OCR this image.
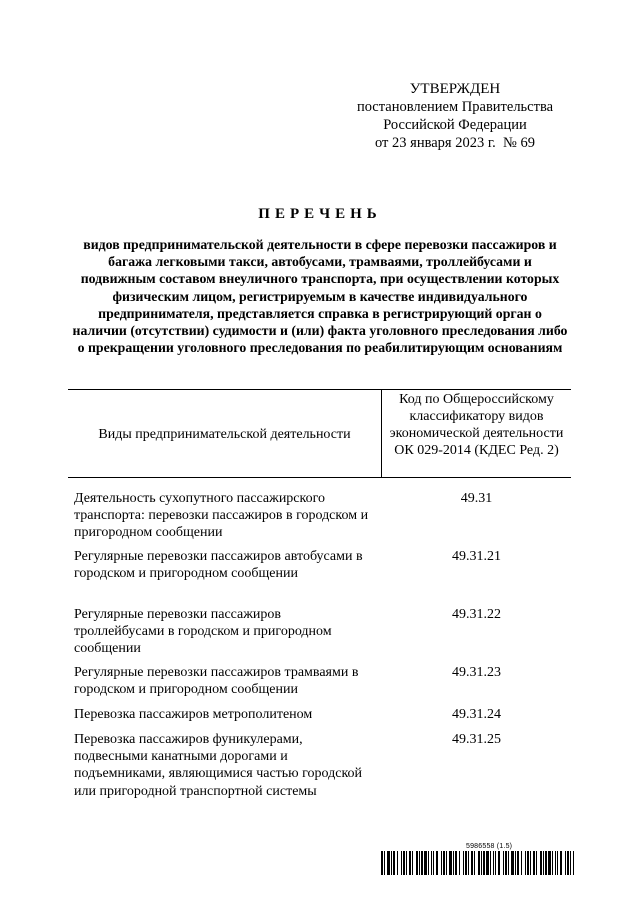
УТВЕРЖДЕН
постановлением Правительства
Российской Федерации
от 23 января 2023 г.  № 69
ПЕРЕЧЕНЬ
видов предпринимательской деятельности в сфере перевозки пассажиров и багажа легковыми такси, автобусами, трамваями, троллейбусами и подвижным составом внеуличного транспорта, при осуществлении которых физическим лицом, регистрируемым в качестве индивидуального предпринимателя, представляется справка в регистрирующий орган о наличии (отсутствии) судимости и (или) факта уголовного преследования либо о прекращении уголовного преследования по реабилитирующим основаниям
Виды предпринимательской деятельности
Код по Общероссийскому классификатору видов экономической деятельности ОК 029-2014 (КДЕС Ред. 2)
Деятельность сухопутного пассажирского транспорта: перевозки пассажиров в городском и пригородном сообщении
49.31
Регулярные перевозки пассажиров автобусами в городском и пригородном сообщении
49.31.21
Регулярные перевозки пассажиров троллейбусами в городском и пригородном сообщении
49.31.22
Регулярные перевозки пассажиров трамваями в городском и пригородном сообщении
49.31.23
Перевозка пассажиров метрополитеном	49.31.24
Перевозка пассажиров фуникулерами, подвесными канатными дорогами и подъемниками, являющимися частью городской или пригородной транспортной системы
49.31.25
5986558 (1.5)
